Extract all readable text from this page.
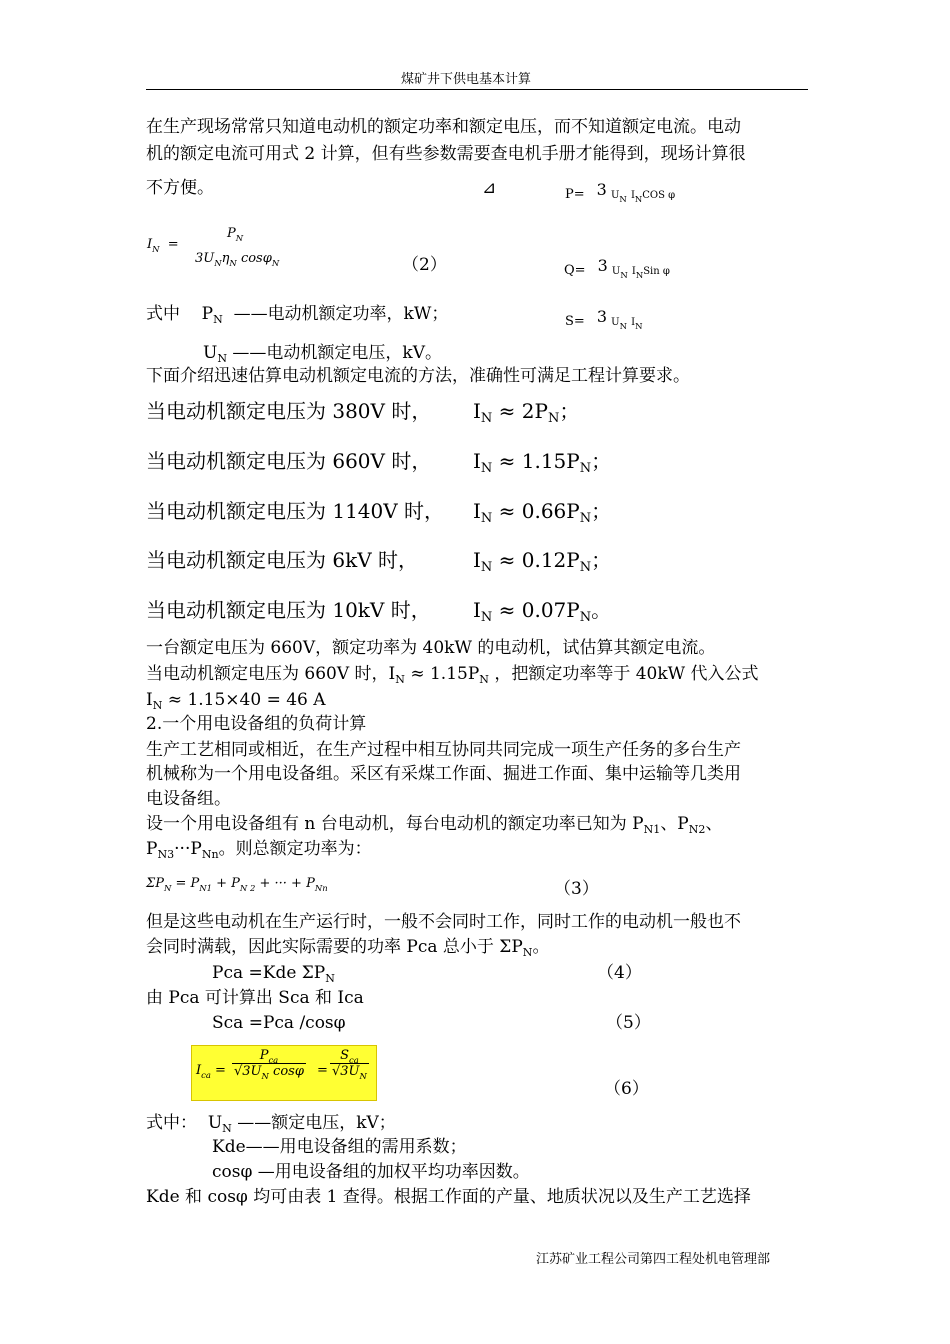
煤矿井下供电基本计算
在生产现场常常只知道电动机的额定功率和额定电压，而不知道额定电流。电动
机的额定电流可用式 2 计算，但有些参数需要查电机手册才能得到，现场计算很
不方便。	⊿	P= 3 $U_N$ $I_NCOS$ φ
Q= 3 $U_N$ $I_NSin$ φ
S= 3 $U_N$ $I_N$
$I_N$ =
$P_N$
$3U_N\eta_N$ cosφ$_N$	（2）
式中 $P_N$ ——电动机额定功率，kW；
$U_N$ ——电动机额定电压，kV。
下面介绍迅速估算电动机额定电流的方法，准确性可满足工程计算要求。
当电动机额定电压为 380V 时， $I_N \approx 2P_N$；
当电动机额定电压为 660V 时， $I_N \approx 1.15P_N$；
当电动机额定电压为 1140V 时， $I_N \approx 0.66P_N$；
当电动机额定电压为 6kV 时，	$I_N \approx 0.12P_N$；
当电动机额定电压为 10kV 时， $I_N \approx 0.07P_N$。
一台额定电压为 660V，额定功率为 40kW 的电动机，试估算其额定电流。
当电动机额定电压为 660V 时，$I_N \approx 1.15P_N$ ，把额定功率等于 40kW 代入公式
$I_N \approx 1.15\times 40 = 46$ A
2.一个用电设备组的负荷计算
生产工艺相同或相近，在生产过程中相互协同共同完成一项生产任务的多台生产
机械称为一个用电设备组。采区有采煤工作面、掘进工作面、集中运输等几类用
电设备组。
设一个用电设备组有 n 台电动机，每台电动机的额定功率已知为 $P_{N1}$、$P_{N2}$、
$P_{N3}\cdot\cdot\cdot P_{Nn}$。则总额定功率为：
$\Sigma P_N = P_{N1} + P_{N 2}$ + ··· + $P_{Nn}$	（3）
但是这些电动机在生产运行时，一般不会同时工作，同时工作的电动机一般也不
会同时满载，因此实际需要的功率 Pca 总小于 $\Sigma P_N$。
Pca =Kde $\Sigma P_N$	（4）
由 Pca 可计算出 Sca 和 Ica
Sca =Pca /cosφ	（5）
$I_{ca}$ =
$P_{ca}$
$√3U_N$ cosφ =
$S_{ca}$
$√3U_N$
（6）
式中： $U_N$ ——额定电压，kV；
Kde——用电设备组的需用系数；
cosφ —用电设备组的加权平均功率因数。
Kde 和 cosφ 均可由表 1 查得。根据工作面的产量、地质状况以及生产工艺选择
江苏矿业工程公司第四工程处机电管理部
